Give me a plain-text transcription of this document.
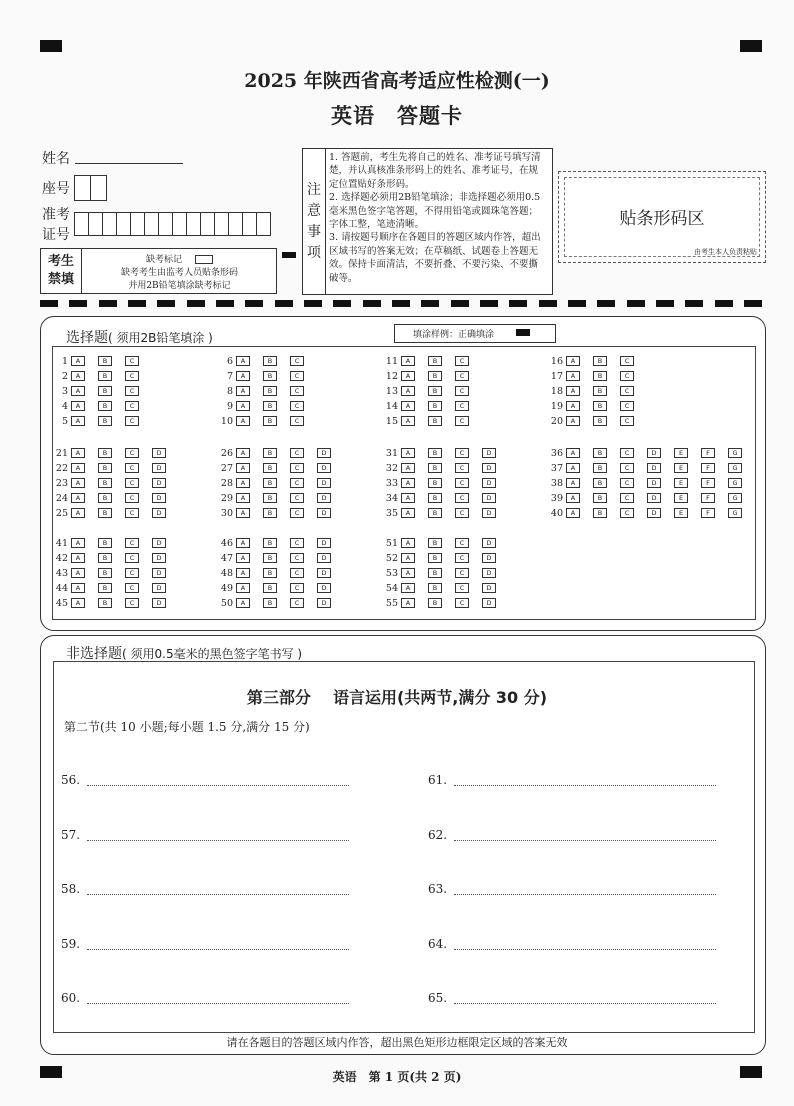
2025 年陕西省高考适应性检测(一)
英语　答题卡
姓名
座号
准考
证号
考生
禁填
缺考标记
缺考考生由监考人员贴条形码
并用2B铅笔填涂缺考标记
注
意
事
项
1. 答题前，考生先将自己的姓名、准考证号填写清楚，并认真核准条形码上的姓名、准考证号，在规定位置贴好条形码。
2. 选择题必须用2B铅笔填涂；非选择题必须用0.5毫米黑色签字笔答题，不得用铅笔或圆珠笔答题；字体工整，笔迹清晰。
3. 请按题号顺序在各题目的答题区域内作答，超出区域书写的答案无效；在草稿纸、试题卷上答题无效。保持卡面清洁，不要折叠、不要污染、不要撕破等。
贴条形码区
由考生本人负责粘贴
选择题( 须用2B铅笔填涂 )	填涂样例：正确填涂
1	A	B	C
2	A	B	C
3	A	B	C
4	A	B	C
5	A	B	C
6	A	B	C
7	A	B	C
8	A	B	C
9	A	B	C
10	A	B	C
11	A	B	C
12	A	B	C
13	A	B	C
14	A	B	C
15	A	B	C
16	A	B	C
17	A	B	C
18	A	B	C
19	A	B	C
20	A	B	C
21	A	B	C	D
22	A	B	C	D
23	A	B	C	D
24	A	B	C	D
25	A	B	C	D
26	A	B	C	D
27	A	B	C	D
28	A	B	C	D
29	A	B	C	D
30	A	B	C	D
31	A	B	C	D
32	A	B	C	D
33	A	B	C	D
34	A	B	C	D
35	A	B	C	D
36	A	B	C	D	E	F	G
37	A	B	C	D	E	F	G
38	A	B	C	D	E	F	G
39	A	B	C	D	E	F	G
40	A	B	C	D	E	F	G
41	A	B	C	D
42	A	B	C	D
43	A	B	C	D
44	A	B	C	D
45	A	B	C	D
46	A	B	C	D
47	A	B	C	D
48	A	B	C	D
49	A	B	C	D
50	A	B	C	D
51	A	B	C	D
52	A	B	C	D
53	A	B	C	D
54	A	B	C	D
55	A	B	C	D
非选择题( 须用0.5毫米的黑色签字笔书写 )
第三部分 语言运用(共两节,满分 30 分)
第二节(共 10 小题;每小题 1.5 分,满分 15 分)
56.
57.
58.
59.
60.
61.
62.
63.
64.
65.
请在各题目的答题区域内作答，超出黑色矩形边框限定区域的答案无效
英语　第 1 页(共 2 页)
